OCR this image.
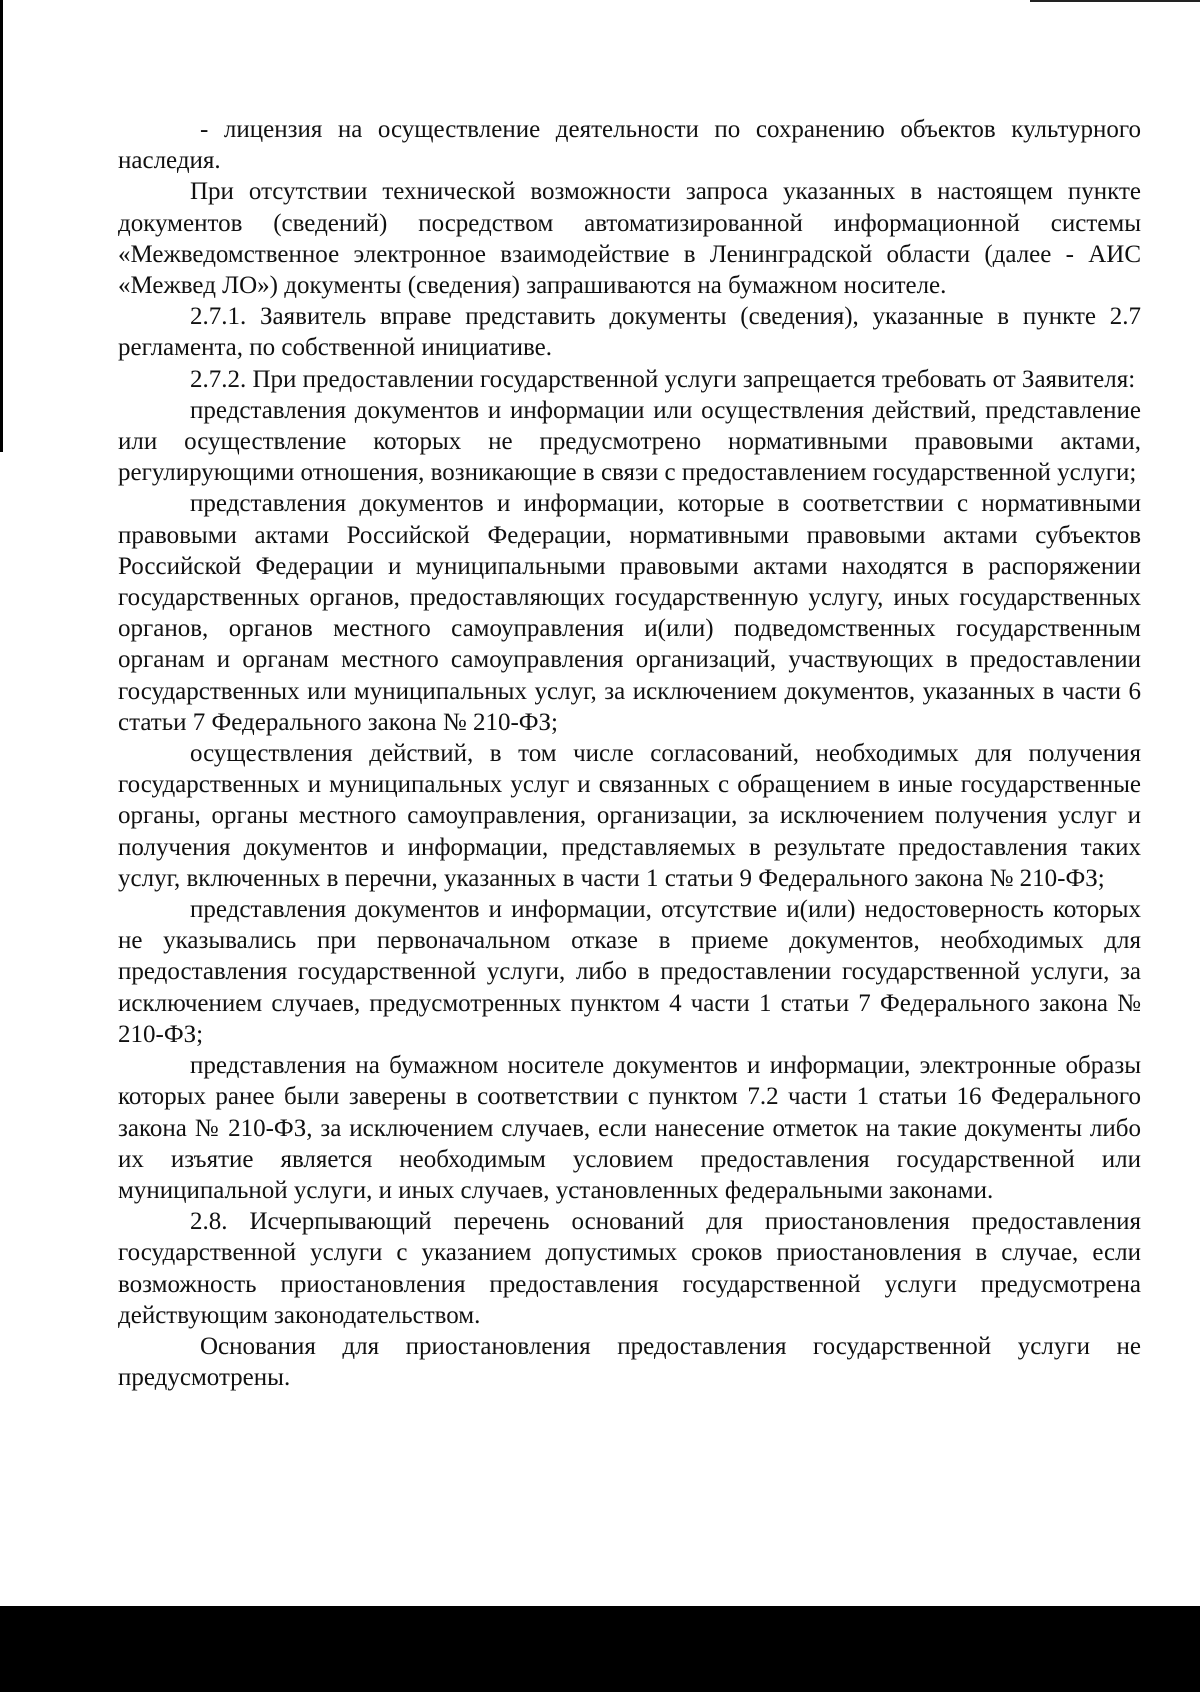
- лицензия на осуществление деятельности по сохранению объектов культурного наследия.

При отсутствии технической возможности запроса указанных в настоящем пункте документов (сведений) посредством автоматизированной информационной системы «Межведомственное электронное взаимодействие в Ленинградской области (далее - АИС «Межвед ЛО») документы (сведения) запрашиваются на бумажном носителе.

2.7.1. Заявитель вправе представить документы (сведения), указанные в пункте 2.7 регламента, по собственной инициативе.

2.7.2. При предоставлении государственной услуги запрещается требовать от Заявителя:

представления документов и информации или осуществления действий, представление или осуществление которых не предусмотрено нормативными правовыми актами, регулирующими отношения, возникающие в связи с предоставлением государственной услуги;

представления документов и информации, которые в соответствии с нормативными правовыми актами Российской Федерации, нормативными правовыми актами субъектов Российской Федерации и муниципальными правовыми актами находятся в распоряжении государственных органов, предоставляющих государственную услугу, иных государственных органов, органов местного самоуправления и(или) подведомственных государственным органам и органам местного самоуправления организаций, участвующих в предоставлении государственных или муниципальных услуг, за исключением документов, указанных в части 6 статьи 7 Федерального закона № 210-ФЗ;

осуществления действий, в том числе согласований, необходимых для получения государственных и муниципальных услуг и связанных с обращением в иные государственные органы, органы местного самоуправления, организации, за исключением получения услуг и получения документов и информации, представляемых в результате предоставления таких услуг, включенных в перечни, указанных в части 1 статьи 9 Федерального закона № 210-ФЗ;

представления документов и информации, отсутствие и(или) недостоверность которых не указывались при первоначальном отказе в приеме документов, необходимых для предоставления государственной услуги, либо в предоставлении государственной услуги, за исключением случаев, предусмотренных пунктом 4 части 1 статьи 7 Федерального закона № 210-ФЗ;

представления на бумажном носителе документов и информации, электронные образы которых ранее были заверены в соответствии с пунктом 7.2 части 1 статьи 16 Федерального закона № 210-ФЗ, за исключением случаев, если нанесение отметок на такие документы либо их изъятие является необходимым условием предоставления государственной или муниципальной услуги, и иных случаев, установленных федеральными законами.

2.8. Исчерпывающий перечень оснований для приостановления предоставления государственной услуги с указанием допустимых сроков приостановления в случае, если возможность приостановления предоставления государственной услуги предусмотрена действующим законодательством.

Основания для приостановления предоставления государственной услуги не предусмотрены.
